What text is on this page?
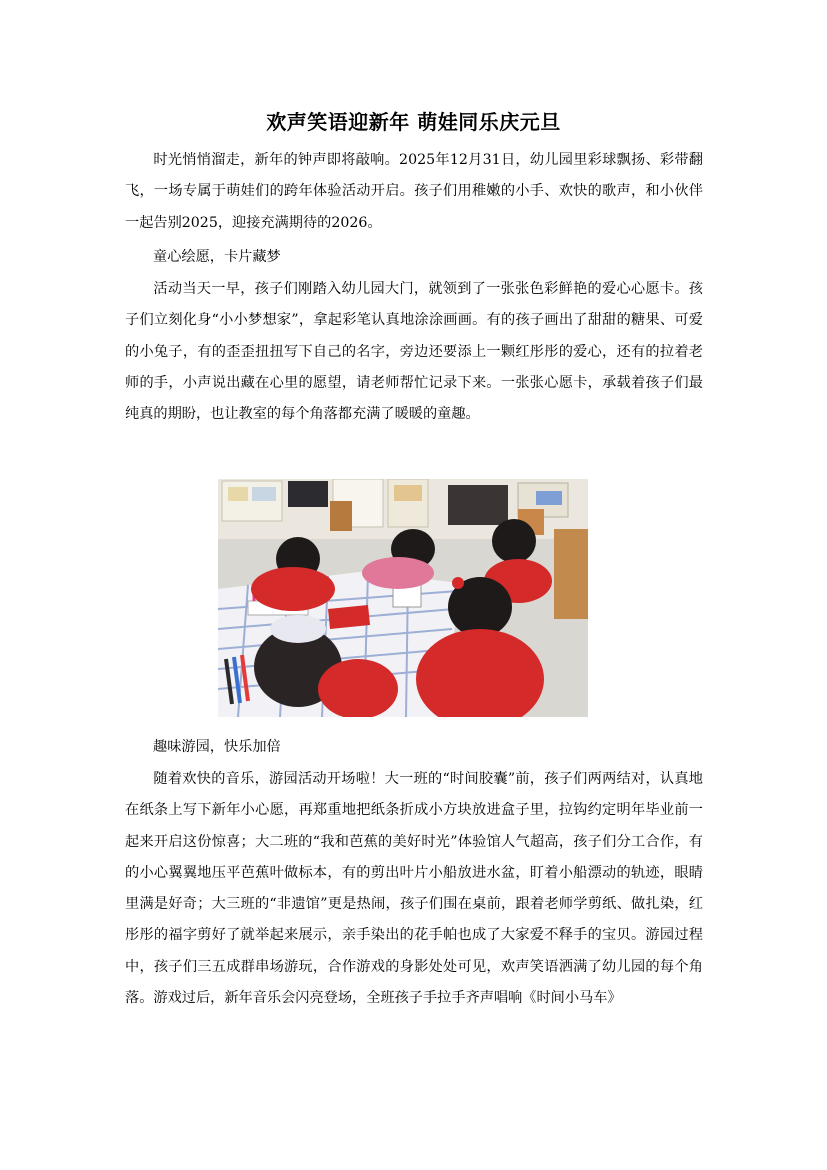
欢声笑语迎新年 萌娃同乐庆元旦

时光悄悄溜走，新年的钟声即将敲响。2025年12月31日，幼儿园里彩球飘扬、彩带翻飞，一场专属于萌娃们的跨年体验活动开启。孩子们用稚嫩的小手、欢快的歌声，和小伙伴一起告别2025，迎接充满期待的2026。

童心绘愿，卡片藏梦

活动当天一早，孩子们刚踏入幼儿园大门，就领到了一张张色彩鲜艳的爱心心愿卡。孩子们立刻化身“小小梦想家”，拿起彩笔认真地涂涂画画。有的孩子画出了甜甜的糖果、可爱的小兔子，有的歪歪扭扭写下自己的名字，旁边还要添上一颗红彤彤的爱心，还有的拉着老师的手，小声说出藏在心里的愿望，请老师帮忙记录下来。一张张心愿卡，承载着孩子们最纯真的期盼，也让教室的每个角落都充满了暖暖的童趣。

趣味游园，快乐加倍

随着欢快的音乐，游园活动开场啦！大一班的“时间胶囊”前，孩子们两两结对，认真地在纸条上写下新年小心愿，再郑重地把纸条折成小方块放进盒子里，拉钩约定明年毕业前一起来开启这份惊喜；大二班的“我和芭蕉的美好时光”体验馆人气超高，孩子们分工合作，有的小心翼翼地压平芭蕉叶做标本，有的剪出叶片小船放进水盆，盯着小船漂动的轨迹，眼睛里满是好奇；大三班的“非遗馆”更是热闹，孩子们围在桌前，跟着老师学剪纸、做扎染，红彤彤的福字剪好了就举起来展示，亲手染出的花手帕也成了大家爱不释手的宝贝。游园过程中，孩子们三五成群串场游玩，合作游戏的身影处处可见，欢声笑语洒满了幼儿园的每个角落。游戏过后，新年音乐会闪亮登场，全班孩子手拉手齐声唱响《时间小马车》
